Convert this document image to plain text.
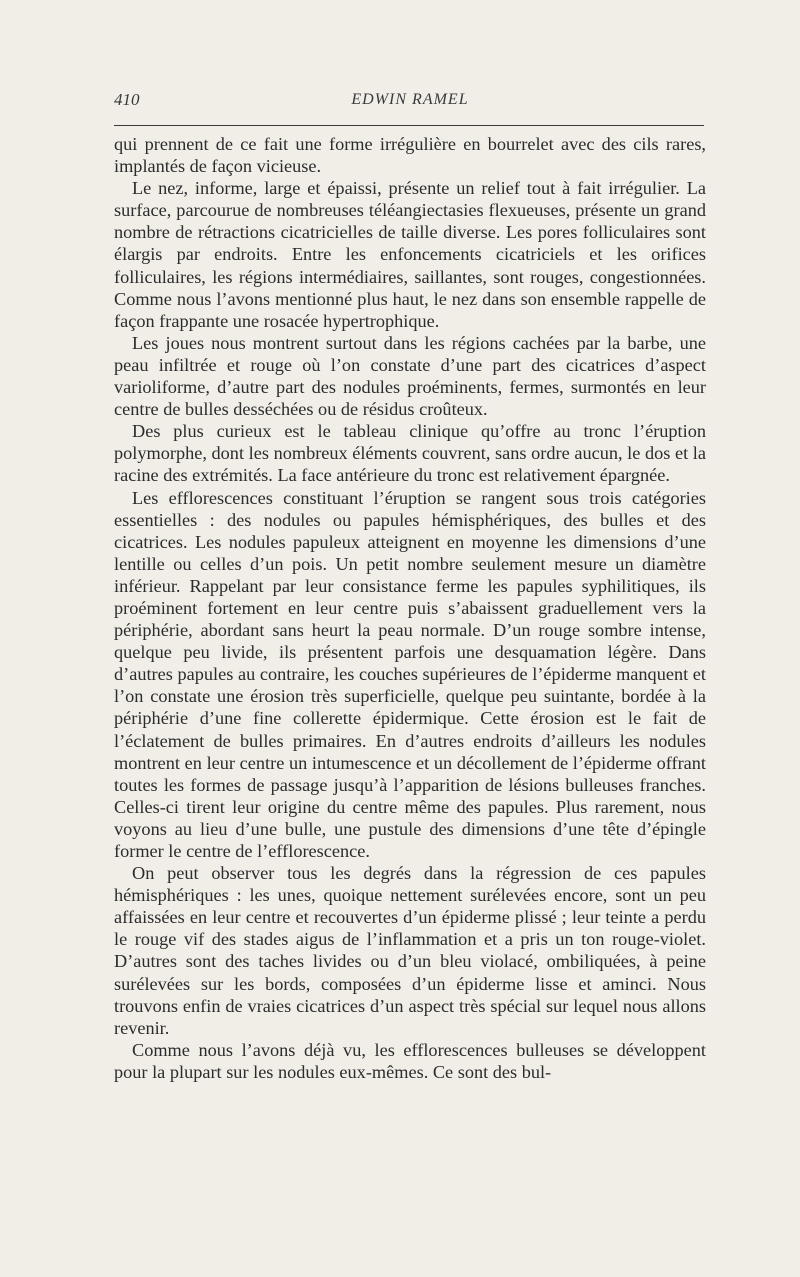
410	EDWIN RAMEL

qui prennent de ce fait une forme irrégulière en bourrelet avec des cils rares, implantés de façon vicieuse.

Le nez, informe, large et épaissi, présente un relief tout à fait irrégulier. La surface, parcourue de nombreuses téléangiectasies flexueuses, présente un grand nombre de rétractions cicatricielles de taille diverse. Les pores folliculaires sont élargis par endroits. Entre les enfoncements cicatriciels et les orifices folliculaires, les régions intermédiaires, saillantes, sont rouges, congestionnées. Comme nous l’avons mentionné plus haut, le nez dans son ensemble rappelle de façon frappante une rosacée hypertrophique.

Les joues nous montrent surtout dans les régions cachées par la barbe, une peau infiltrée et rouge où l’on constate d’une part des cicatrices d’aspect varioliforme, d’autre part des nodules proéminents, fermes, surmontés en leur centre de bulles desséchées ou de résidus croûteux.

Des plus curieux est le tableau clinique qu’offre au tronc l’éruption polymorphe, dont les nombreux éléments couvrent, sans ordre aucun, le dos et la racine des extrémités. La face antérieure du tronc est relativement épargnée.

Les efflorescences constituant l’éruption se rangent sous trois catégories essentielles : des nodules ou papules hémisphériques, des bulles et des cicatrices. Les nodules papuleux atteignent en moyenne les dimensions d’une lentille ou celles d’un pois. Un petit nombre seulement mesure un diamètre inférieur. Rappelant par leur consistance ferme les papules syphilitiques, ils proéminent fortement en leur centre puis s’abaissent graduellement vers la périphérie, abordant sans heurt la peau normale. D’un rouge sombre intense, quelque peu livide, ils présentent parfois une desquamation légère. Dans d’autres papules au contraire, les couches supérieures de l’épiderme manquent et l’on constate une érosion très superficielle, quelque peu suintante, bordée à la périphérie d’une fine collerette épidermique. Cette érosion est le fait de l’éclatement de bulles primaires. En d’autres endroits d’ailleurs les nodules montrent en leur centre un intumescence et un décollement de l’épiderme offrant toutes les formes de passage jusqu’à l’apparition de lésions bulleuses franches. Celles-ci tirent leur origine du centre même des papules. Plus rarement, nous voyons au lieu d’une bulle, une pustule des dimensions d’une tête d’épingle former le centre de l’efflorescence.

On peut observer tous les degrés dans la régression de ces papules hémisphériques : les unes, quoique nettement surélevées encore, sont un peu affaissées en leur centre et recouvertes d’un épiderme plissé ; leur teinte a perdu le rouge vif des stades aigus de l’inflammation et a pris un ton rouge-violet. D’autres sont des taches livides ou d’un bleu violacé, ombiliquées, à peine surélevées sur les bords, composées d’un épiderme lisse et aminci. Nous trouvons enfin de vraies cicatrices d’un aspect très spécial sur lequel nous allons revenir.

Comme nous l’avons déjà vu, les efflorescences bulleuses se développent pour la plupart sur les nodules eux-mêmes. Ce sont des bul-
